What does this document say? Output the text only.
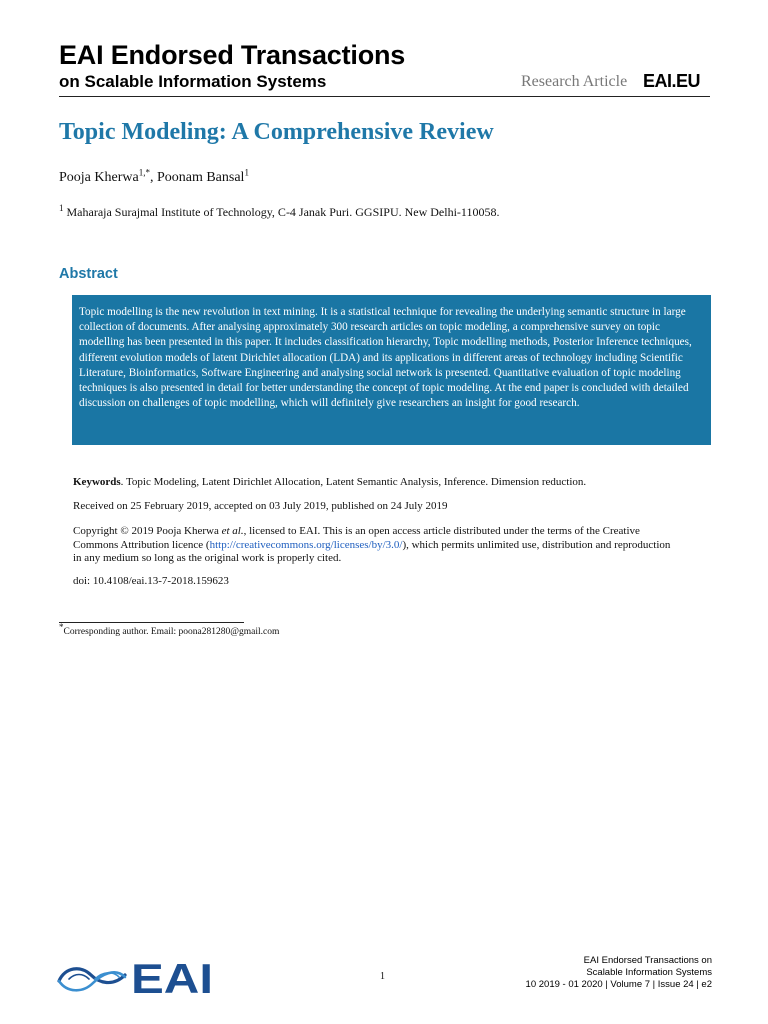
EAI Endorsed Transactions
on Scalable Information Systems	Research Article EAI.EU
Topic Modeling: A Comprehensive Review
Pooja Kherwa$^{1,*}$, Poonam Bansal$^1$
$^1$ Maharaja Surajmal Institute of Technology, C-4 Janak Puri. GGSIPU. New Delhi-110058.
Abstract
Topic modelling is the new revolution in text mining. It is a statistical technique for revealing the underlying semantic structure in large collection of documents. After analysing approximately 300 research articles on topic modeling, a comprehensive survey on topic modelling has been presented in this paper. It includes classification hierarchy, Topic modelling methods, Posterior Inference techniques, different evolution models of latent Dirichlet allocation (LDA) and its applications in different areas of technology including Scientific Literature, Bioinformatics, Software Engineering and analysing social network is presented. Quantitative evaluation of topic modeling techniques is also presented in detail for better understanding the concept of topic modeling. At the end paper is concluded with detailed discussion on challenges of topic modelling, which will definitely give researchers an insight for good research.
Keywords. Topic Modeling, Latent Dirichlet Allocation, Latent Semantic Analysis, Inference. Dimension reduction.
Received on 25 February 2019, accepted on 03 July 2019, published on 24 July 2019
Copyright © 2019 Pooja Kherwa et al., licensed to EAI. This is an open access article distributed under the terms of the Creative Commons Attribution licence (http://creativecommons.org/licenses/by/3.0/), which permits unlimited use, distribution and reproduction in any medium so long as the original work is properly cited.
doi: 10.4108/eai.13-7-2018.159623
*Corresponding author. Email: poona281280@gmail.com
EAI	1
EAI Endorsed Transactions on
Scalable Information Systems
10 2019 - 01 2020 | Volume 7 | Issue 24 | e2
